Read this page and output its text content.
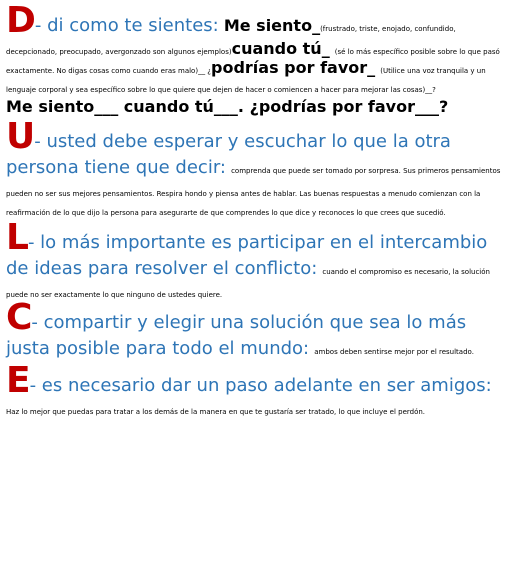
D- di como te sientes: Me siento_(frustrado, triste, enojado, confundido, decepcionado, preocupado, avergonzado son algunos ejemplos)cuando tú_ (sé lo más específico posible sobre lo que pasó exactamente. No digas cosas como cuando eras malo)__ ¿podrías por favor_ (Utilice una voz tranquila y un lenguaje corporal y sea específico sobre lo que quiere que dejen de hacer o comiencen a hacer para mejorar las cosas)__?

Me siento___ cuando tú___. ¿podrías por favor___?

U- usted debe esperar y escuchar lo que la otra persona tiene que decir: comprenda que puede ser tomado por sorpresa. Sus primeros pensamientos pueden no ser sus mejores pensamientos. Respira hondo y piensa antes de hablar. Las buenas respuestas a menudo comienzan con la reafirmación de lo que dijo la persona para asegurarte de que comprendes lo que dice y reconoces lo que crees que sucedió.

L- lo más importante es participar en el intercambio de ideas para resolver el conflicto: cuando el compromiso es necesario, la solución puede no ser exactamente lo que ninguno de ustedes quiere.

C- compartir y elegir una solución que sea lo más justa posible para todo el mundo: ambos deben sentirse mejor por el resultado.

E- es necesario dar un paso adelante en ser amigos: Haz lo mejor que puedas para tratar a los demás de la manera en que te gustaría ser tratado, lo que incluye el perdón.
